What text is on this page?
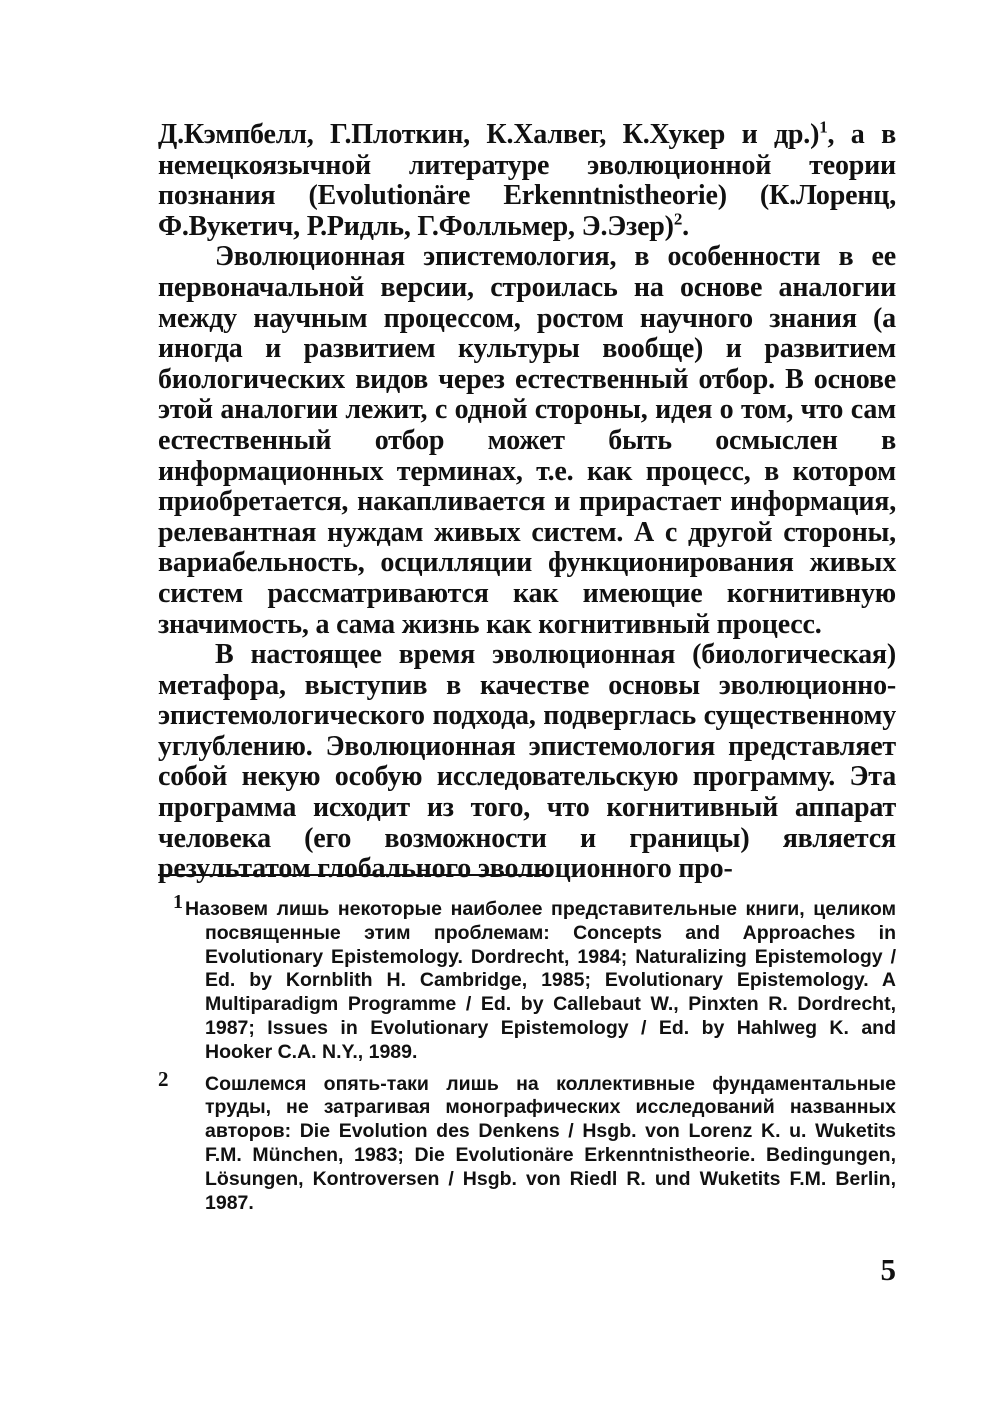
Д.Кэмпбелл, Г.Плоткин, К.Халвег, К.Хукер и др.)$^1$, а в немецкоязычной литературе эволюционной теории познания (Evolutionäre Erkenntnistheorie) (К.Лоренц, Ф.Вукетич, Р.Ридль, Г.Фолльмер, Э.Эзер)$^2$.

Эволюционная эпистемология, в особенности в ее первоначальной версии, строилась на основе аналогии между научным процессом, ростом научного знания (а иногда и развитием культуры вообще) и развитием биологических видов через естественный отбор. В основе этой аналогии лежит, с одной стороны, идея о том, что сам естественный отбор может быть осмыслен в информационных терминах, т.е. как процесс, в котором приобретается, накапливается и прирастает информация, релевантная нуждам живых систем. А с другой стороны, вариабельность, осцилляции функционирования живых систем рассматриваются как имеющие когнитивную значимость, а сама жизнь как когнитивный процесс.

В настоящее время эволюционная (биологическая) метафора, выступив в качестве основы эволюционно-эпистемологического подхода, подверглась существенному углублению. Эволюционная эпистемология представляет собой некую особую исследовательскую программу. Эта программа исходит из того, что когнитивный аппарат человека (его возможности и границы) является результатом глобального эволюционного про-

1 Назовем лишь некоторые наиболее представительные книги, целиком посвященные этим проблемам: Concepts and Approaches in Evolutionary Epistemology. Dordrecht, 1984; Naturalizing Epistemology / Ed. by Kornblith H. Cambridge, 1985; Evolutionary Epistemology. A Multiparadigm Programme / Ed. by Callebaut W., Pinxten R. Dordrecht, 1987; Issues in Evolutionary Epistemology / Ed. by Hahlweg K. and Hooker C.A. N.Y., 1989.

2 Сошлемся опять-таки лишь на коллективные фундаментальные труды, не затрагивая монографических исследований названных авторов: Die Evolution des Denkens / Hsgb. von Lorenz K. u. Wuketits F.M. München, 1983; Die Evolutionäre Erkenntnistheorie. Bedingungen, Lösungen, Kontroversen / Hsgb. von Riedl R. und Wuketits F.M. Berlin, 1987.

5
